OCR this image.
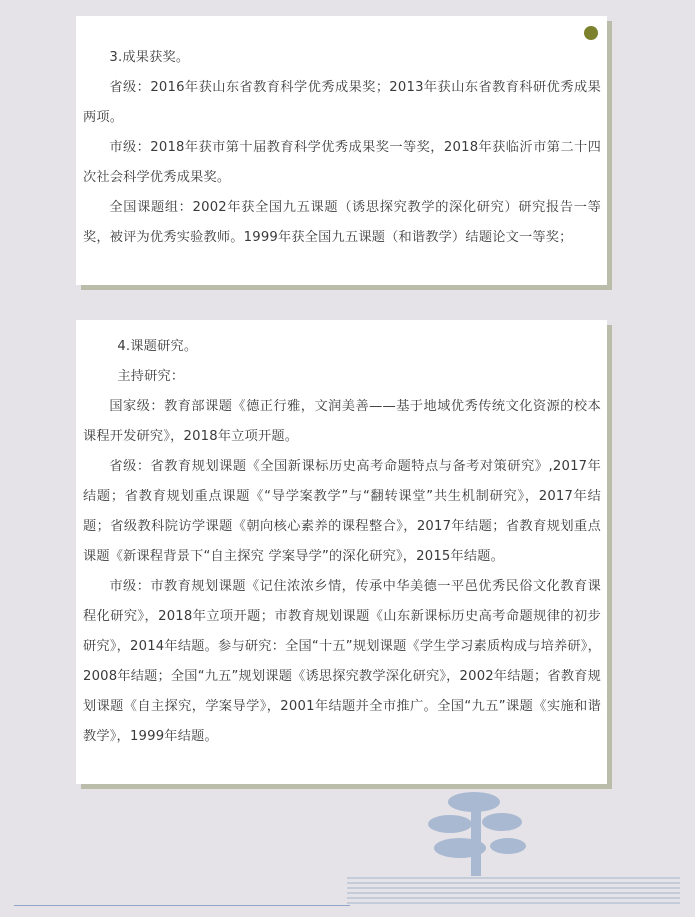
3.成果获奖。

省级：2016年获山东省教育科学优秀成果奖；2013年获山东省教育科研优秀成果两项。

市级：2018年获市第十届教育科学优秀成果奖一等奖，2018年获临沂市第二十四次社会科学优秀成果奖。

全国课题组：2002年获全国九五课题（诱思探究教学的深化研究）研究报告一等奖，被评为优秀实验教师。1999年获全国九五课题（和谐教学）结题论文一等奖；

4.课题研究。

主持研究：

国家级：教育部课题《德正行雅，文润美善——基于地域优秀传统文化资源的校本课程开发研究》，2018年立项开题。

省级：省教育规划课题《全国新课标历史高考命题特点与备考对策研究》,2017年结题；省教育规划重点课题《“导学案教学”与“翻转课堂”共生机制研究》，2017年结题；省级教科院访学课题《朝向核心素养的课程整合》，2017年结题；省教育规划重点课题《新课程背景下“自主探究 学案导学”的深化研究》，2015年结题。

市级：市教育规划课题《记住浓浓乡情，传承中华美德一平邑优秀民俗文化教育课程化研究》，2018年立项开题；市教育规划课题《山东新课标历史高考命题规律的初步研究》，2014年结题。参与研究：全国“十五”规划课题《学生学习素质构成与培养研》，2008年结题；全国“九五”规划课题《诱思探究教学深化研究》，2002年结题；省教育规划课题《自主探究，学案导学》，2001年结题并全市推广。全国“九五”课题《实施和谐教学》，1999年结题。
